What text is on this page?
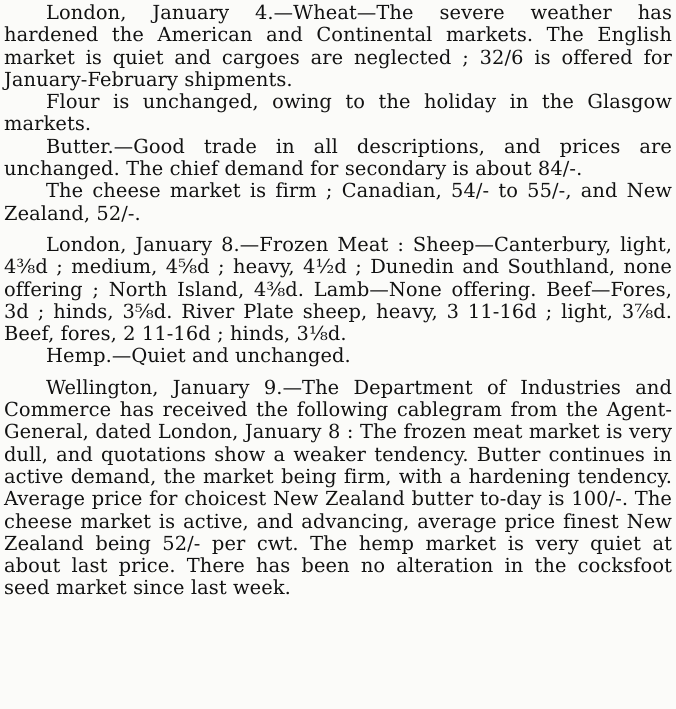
London, January 4.—Wheat—The severe weather has hardened the American and Continental markets. The English market is quiet and cargoes are neglected ; 32/6 is offered for January-February shipments.

Flour is unchanged, owing to the holiday in the Glasgow markets.

Butter.—Good trade in all descriptions, and prices are unchanged. The chief demand for secondary is about 84/-.

The cheese market is firm ; Canadian, 54/- to 55/-, and New Zealand, 52/-.

London, January 8.—Frozen Meat : Sheep—Canterbury, light, 4⅜d ; medium, 4⅝d ; heavy, 4½d ; Dunedin and Southland, none offering ; North Island, 4⅜d. Lamb—None offering. Beef—Fores, 3d ; hinds, 3⅝d. River Plate sheep, heavy, 3 11-16d ; light, 3⅞d. Beef, fores, 2 11-16d ; hinds, 3⅛d.

Hemp.—Quiet and unchanged.

Wellington, January 9.—The Department of Industries and Commerce has received the following cablegram from the Agent-General, dated London, January 8 : The frozen meat market is very dull, and quotations show a weaker tendency. Butter continues in active demand, the market being firm, with a hardening tendency. Average price for choicest New Zealand butter to-day is 100/-. The cheese market is active, and advancing, average price finest New Zealand being 52/- per cwt. The hemp market is very quiet at about last price. There has been no alteration in the cocksfoot seed market since last week.
